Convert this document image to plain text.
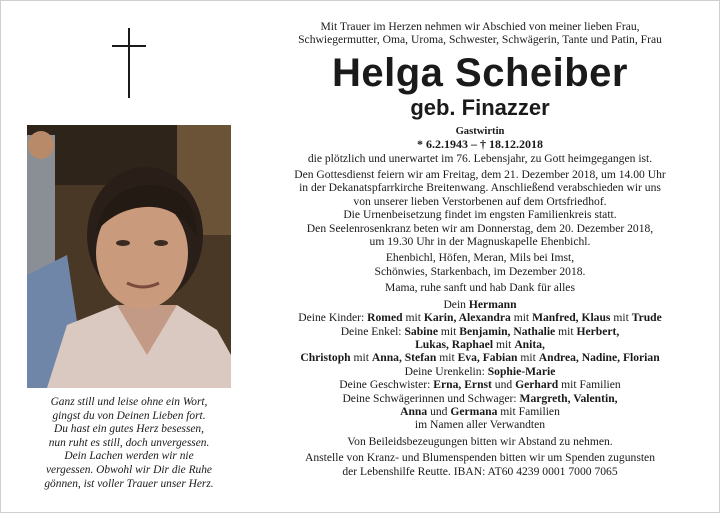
Ganz still und leise ohne ein Wort,
gingst du von Deinen Lieben fort.
Du hast ein gutes Herz besessen,
nun ruht es still, doch unvergessen.
Dein Lachen werden wir nie
vergessen. Obwohl wir Dir die Ruhe
gönnen, ist voller Trauer unser Herz.

Mit Trauer im Herzen nehmen wir Abschied von meiner lieben Frau,

Schwiegermutter, Oma, Uroma, Schwester, Schwägerin, Tante und Patin, Frau

Helga Scheiber
geb. Finazzer

Gastwirtin

* 6.2.1943 – † 18.12.2018

die plötzlich und unerwartet im 76. Lebensjahr, zu Gott heimgegangen ist.

Den Gottesdienst feiern wir am Freitag, dem 21. Dezember 2018, um 14.00 Uhr

in der Dekanatspfarrkirche Breitenwang. Anschließend verabschieden wir uns

von unserer lieben Verstorbenen auf dem Ortsfriedhof.

Die Urnenbeisetzung findet im engsten Familienkreis statt.

Den Seelenrosenkranz beten wir am Donnerstag, dem 20. Dezember 2018,

um 19.30 Uhr in der Magnuskapelle Ehenbichl.

Ehenbichl, Höfen, Meran, Mils bei Imst,

Schönwies, Starkenbach, im Dezember 2018.

Mama, ruhe sanft und hab Dank für alles

Dein Hermann

Deine Kinder: Romed mit Karin, Alexandra mit Manfred, Klaus mit Trude

Deine Enkel: Sabine mit Benjamin, Nathalie mit Herbert,

Lukas, Raphael mit Anita,

Christoph mit Anna, Stefan mit Eva, Fabian mit Andrea, Nadine, Florian

Deine Urenkelin: Sophie-Marie

Deine Geschwister: Erna, Ernst und Gerhard mit Familien

Deine Schwägerinnen und Schwager: Margreth, Valentin,

Anna und Germana mit Familien

im Namen aller Verwandten

Von Beileidsbezeugungen bitten wir Abstand zu nehmen.

Anstelle von Kranz- und Blumenspenden bitten wir um Spenden zugunsten

der Lebenshilfe Reutte. IBAN: AT60 4239 0001 7000 7065
